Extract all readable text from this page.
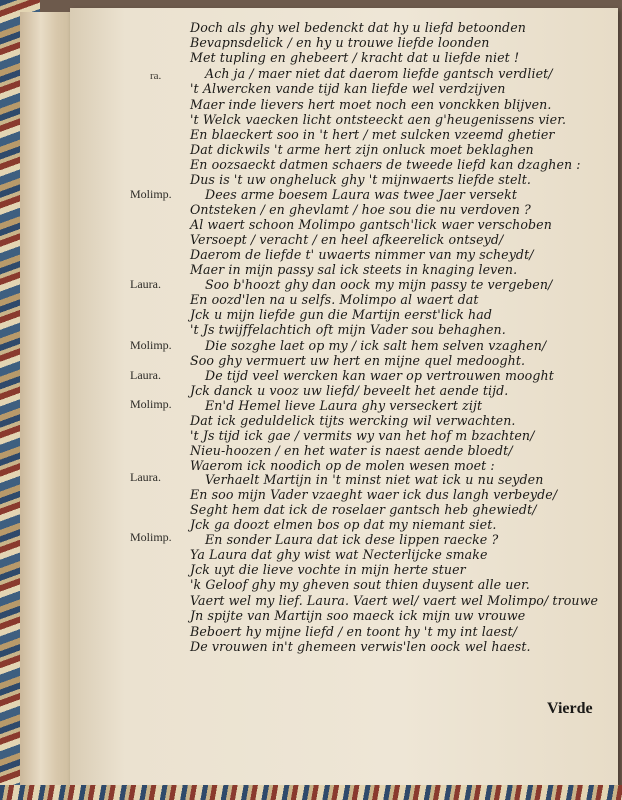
ra.
Molimp.
Laura.
Molimp.
Laura.
Molimp.
Laura.
Molimp.
Doch als ghy wel bedenckt dat hy u liefd betoonden
Bevapnsdelick / en hy u trouwe liefde loonden
Met tupling en ghebeert / kracht dat u liefde niet !
Ach ja / maer niet dat daerom liefde gantsch verdliet/
't Alwercken vande tijd kan liefde wel verdzijven
Maer inde lievers hert moet noch een vonckken blijven.
't Welck vaecken licht ontsteeckt aen g'heugenissens vier.
En blaeckert soo in 't hert / met sulcken vzeemd ghetier
Dat dickwils 't arme hert zijn onluck moet beklaghen
En oozsaeckt datmen schaers de tweede liefd kan dzaghen :
Dus is 't uw ongheluck ghy 't mijnwaerts liefde stelt.
Dees arme boesem Laura was twee Jaer versekt
Ontsteken / en ghevlamt / hoe sou die nu verdoven ?
Al waert schoon Molimpo gantsch'lick waer verschoben
Versoept / veracht / en heel afkeerelick ontseyd/
Daerom de liefde t' uwaerts nimmer van my scheydt/
Maer in mijn passy sal ick steets in knaging leven.
Soo b'hoozt ghy dan oock my mijn passy te vergeben/
En oozd'len na u selfs. Molimpo al waert dat
Jck u mijn liefde gun die Martijn eerst'lick had
't Js twijffelachtich oft mijn Vader sou behaghen.
Die sozghe laet op my / ick salt hem selven vzaghen/
Soo ghy vermuert uw hert en mijne quel medooght.
De tijd veel wercken kan waer op vertrouwen mooght
Jck danck u vooz uw liefd/ beveelt het aende tijd.
En'd Hemel lieve Laura ghy verseckert zijt
Dat ick geduldelick tijts wercking wil verwachten.
't Js tijd ick gae / vermits wy van het hof m bzachten/
Nieu-hoozen / en het water is naest aende bloedt/
Waerom ick noodich op de molen wesen moet :
Verhaelt Martijn in 't minst niet wat ick u nu seyden
En soo mijn Vader vzaeght waer ick dus langh verbeyde/
Seght hem dat ick de roselaer gantsch heb ghewiedt/
Jck ga doozt elmen bos op dat my niemant siet.
En sonder Laura dat ick dese lippen raecke ?
Ya Laura dat ghy wist wat Necterlijcke smake
Jck uyt die lieve vochte in mijn herte stuer
'k Geloof ghy my gheven sout thien duysent alle uer.
Vaert wel my lief. Laura. Vaert wel/ vaert wel Molimpo/ trouwe
Jn spijte van Martijn soo maeck ick mijn uw vrouwe
Beboert hy mijne liefd / en toont hy 't my int laest/
De vrouwen in't ghemeen verwis'len oock wel haest.
Vierde
